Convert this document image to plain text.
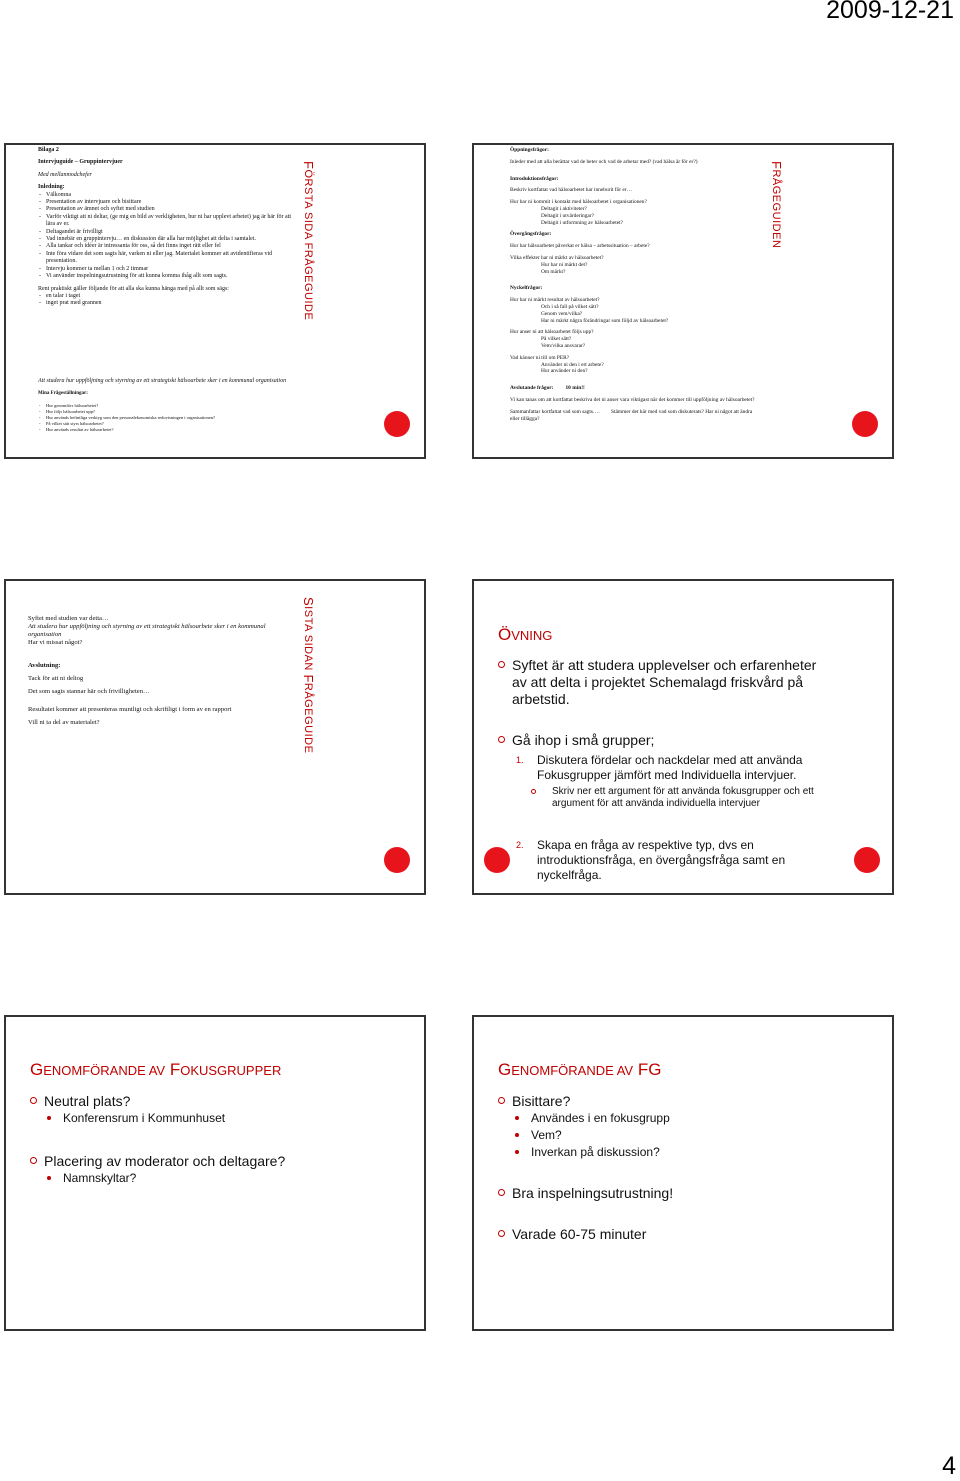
2009-12-21
Bilaga 2
Intervjuguide – Gruppintervjuer
Med mellanmodchefer
Inledning:
- Välkomna
- Presentation av intervjuare och bisittare
- Presentation av ämnet och syftet med studien
- Varför viktigt att ni deltar, (ge mig en bild av verkligheten, hur ni har upplevt arbetet) jag är här för att lära av er.
- Deltagandet är frivilligt
- Vad innebär en gruppintervju… en diskussion där alla har möjlighet att delta i samtalet.
- Alla tankar och idéer är intressanta för oss, så det finns inget rätt eller fel
- Inte föra vidare det som sagts här, varken ni eller jag. Materialet kommer att avidentifieras vid presentation.
- Intervju kommer ta mellan 1 och 2 timmar
- Vi använder inspelningsutrustning för att kunna komma ihåg allt som sagts.
Rent praktiskt gäller följande för att alla ska kunna hänga med på allt som sägs:
- en talar i taget
- inget prat med grannen
Att studera hur uppföljning och styrning av ett strategiskt hälsoarbete sker i en kommunal organisation
Mina Frågeställningar:
- Hur genomförs hälsoarbetet?
- Hur följs hälsoarbetet upp?
- Hur används befintliga verktyg som den personalekonomiska redovisningen i organisationen?
- På vilket sätt styrs hälsoarbetet?
- Hur används resultat av hälsoarbetet?
FÖRSTA SIDA FRÅGEGUIDE
Öppningsfrågor:
Inleder med att alla berättar vad de heter och vad de arbetar med? (vad hälsa är för er?)
Introduktionsfrågor:
Beskriv kortfattat vad hälsoarbetet har inneburit för er…
Hur har ni kommit i kontakt med hälsoarbetet i organisationen?
Deltagit i aktiviteter?
Deltagit i utvärderingar?
Deltagit i utformning av hälsoarbetet?
Övergångsfrågor:
Hur har hälsoarbetet påverkat er hälsa – arbetssituation – arbete?
Vilka effekter har ni märkt av hälsoarbetet?
Hur har ni märkt det?
Om märkt?
Nyckelfrågor:
Hur har ni märkt resultat av hälsoarbetet?
Och i så fall på vilket sätt?
Genom vem/vilka?
Har ni märkt några förändringar som följd av hälsoarbetet?
Hur anser ni att hälsoarbetet följs upp?
På vilket sätt?
Vem/vilka ansvarar?
Vad känner ni till om PER?
Använder ni den i ert arbete?
Hur använder ni den?
Avslutande frågor: 10 min!!
Vi kan tanas om att kortfattat beskriva det ni anser vara viktigast när det kommer till uppföljning av hälsoarbetet?
Sammanfattar kortfattat vad som sagts…. Stämmer det här med vad som diskuterats? Har ni något att ändra eller tillägga?
FRÅGEGUIDEN
Syftet med studien var detta…
Att studera hur uppföljning och styrning av ett strategiskt hälsoarbete sker i en kommunal organisation
Har vi missat något?
Avslutning:
Tack för att ni deltog
Det som sagts stannar här och frivilligheten…
Resultatet kommer att presenteras muntligt och skriftligt i form av en rapport
Vill ni ta del av materialet?
SISTA SIDAN FRÅGEGUIDE
ÖVNING
Syftet är att studera upplevelser och erfarenheter av att delta i projektet Schemalagd friskvård på arbetstid.
Gå ihop i små grupper;
1. Diskutera fördelar och nackdelar med att använda Fokusgrupper jämfört med Individuella intervjuer.
Skriv ner ett argument för att använda fokusgrupper och ett argument för att använda individuella intervjuer
2. Skapa en fråga av respektive typ, dvs en introduktionsfråga, en övergångsfråga samt en nyckelfråga.
GENOMFÖRANDE AV FOKUSGRUPPER
Neutral plats?
Konferensrum i Kommunhuset
Placering av moderator och deltagare?
Namnskyltar?
GENOMFÖRANDE AV FG
Bisittare?
Användes i en fokusgrupp
Vem?
Inverkan på diskussion?
Bra inspelningsutrustning!
Varade 60-75 minuter
4
